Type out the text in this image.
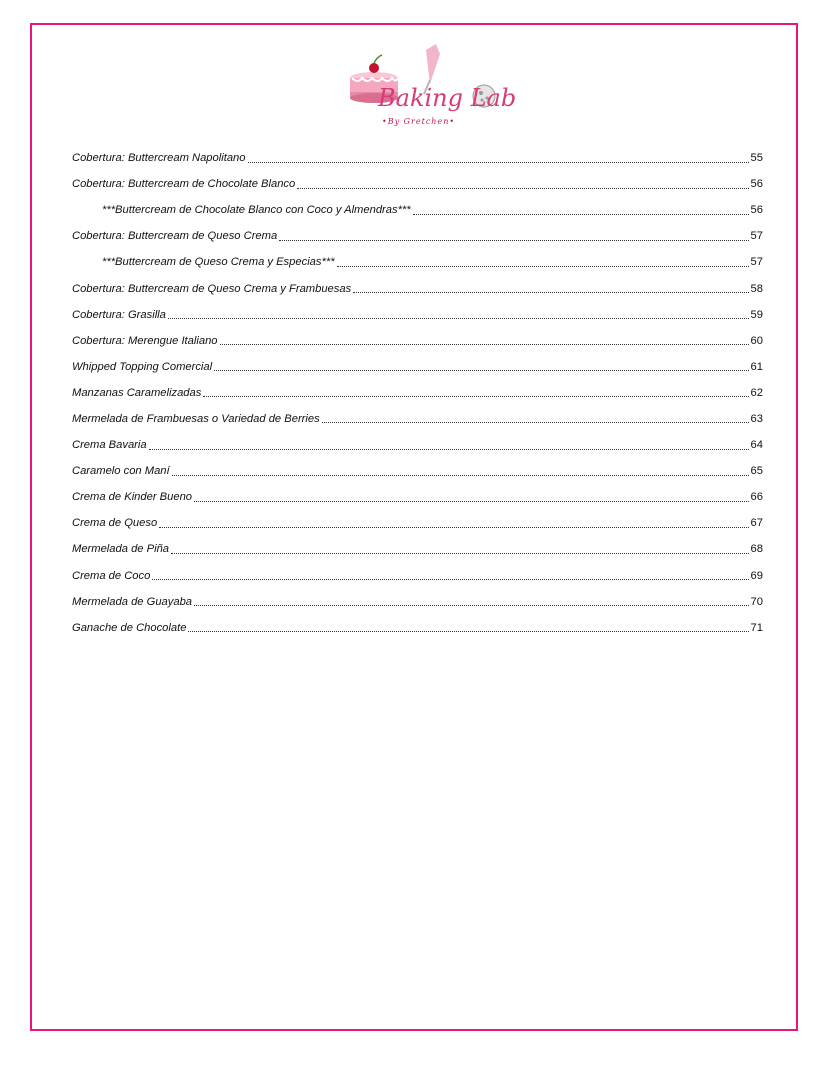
Baking Lab
•By Gretchen•
Cobertura: Buttercream Napolitano	55
Cobertura: Buttercream de Chocolate Blanco	56
***Buttercream de Chocolate Blanco con Coco y Almendras***	56
Cobertura: Buttercream de Queso Crema	57
***Buttercream de Queso Crema y Especias***	57
Cobertura: Buttercream de Queso Crema y Frambuesas	58
Cobertura: Grasilla	59
Cobertura: Merengue Italiano	60
Whipped Topping Comercial	61
Manzanas Caramelizadas	62
Mermelada de Frambuesas o Variedad de Berries	63
Crema Bavaria	64
Caramelo con Maní	65
Crema de Kinder Bueno	66
Crema de Queso	67
Mermelada de Piña	68
Crema de Coco	69
Mermelada de Guayaba	70
Ganache de Chocolate	71
